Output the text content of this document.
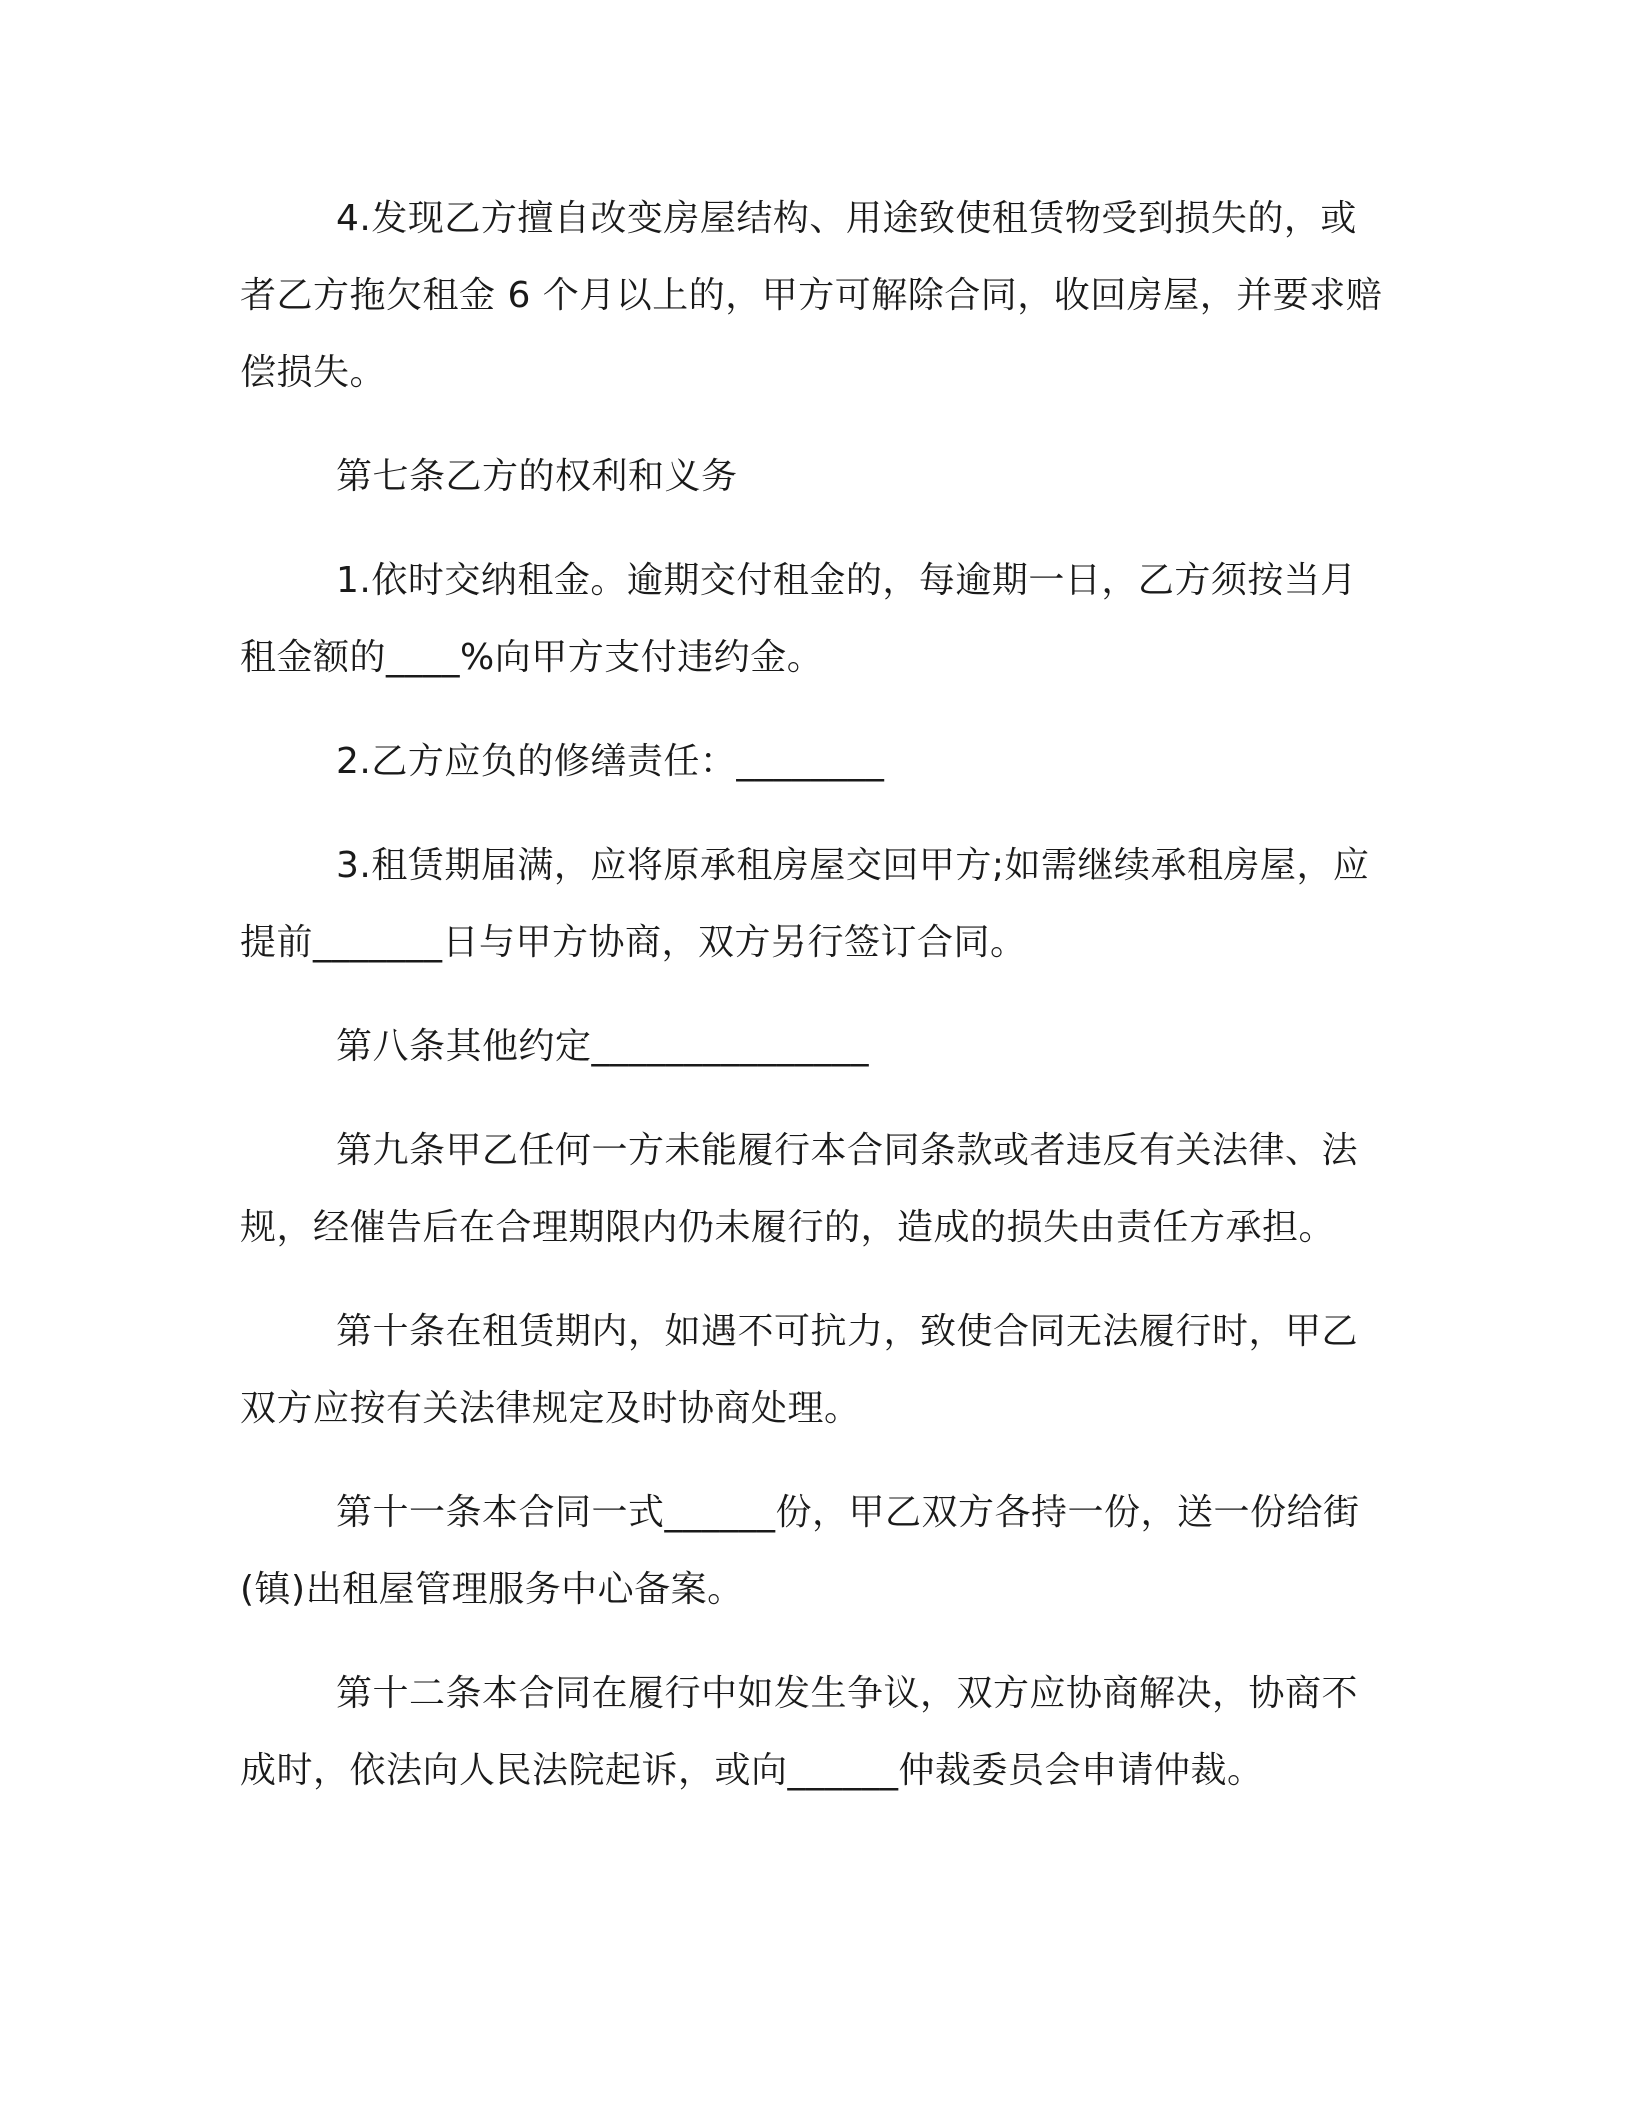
4.发现乙方擅自改变房屋结构、用途致使租赁物受到损失的，或者乙方拖欠租金 6 个月以上的，甲方可解除合同，收回房屋，并要求赔偿损失。

第七条乙方的权利和义务

1.依时交纳租金。逾期交付租金的，每逾期一日，乙方须按当月租金额的____%向甲方支付违约金。

2.乙方应负的修缮责任：________

3.租赁期届满，应将原承租房屋交回甲方;如需继续承租房屋，应提前_______日与甲方协商，双方另行签订合同。

第八条其他约定_______________

第九条甲乙任何一方未能履行本合同条款或者违反有关法律、法规，经催告后在合理期限内仍未履行的，造成的损失由责任方承担。

第十条在租赁期内，如遇不可抗力，致使合同无法履行时，甲乙双方应按有关法律规定及时协商处理。

第十一条本合同一式______份，甲乙双方各持一份，送一份给街(镇)出租屋管理服务中心备案。

第十二条本合同在履行中如发生争议，双方应协商解决，协商不成时，依法向人民法院起诉，或向______仲裁委员会申请仲裁。
